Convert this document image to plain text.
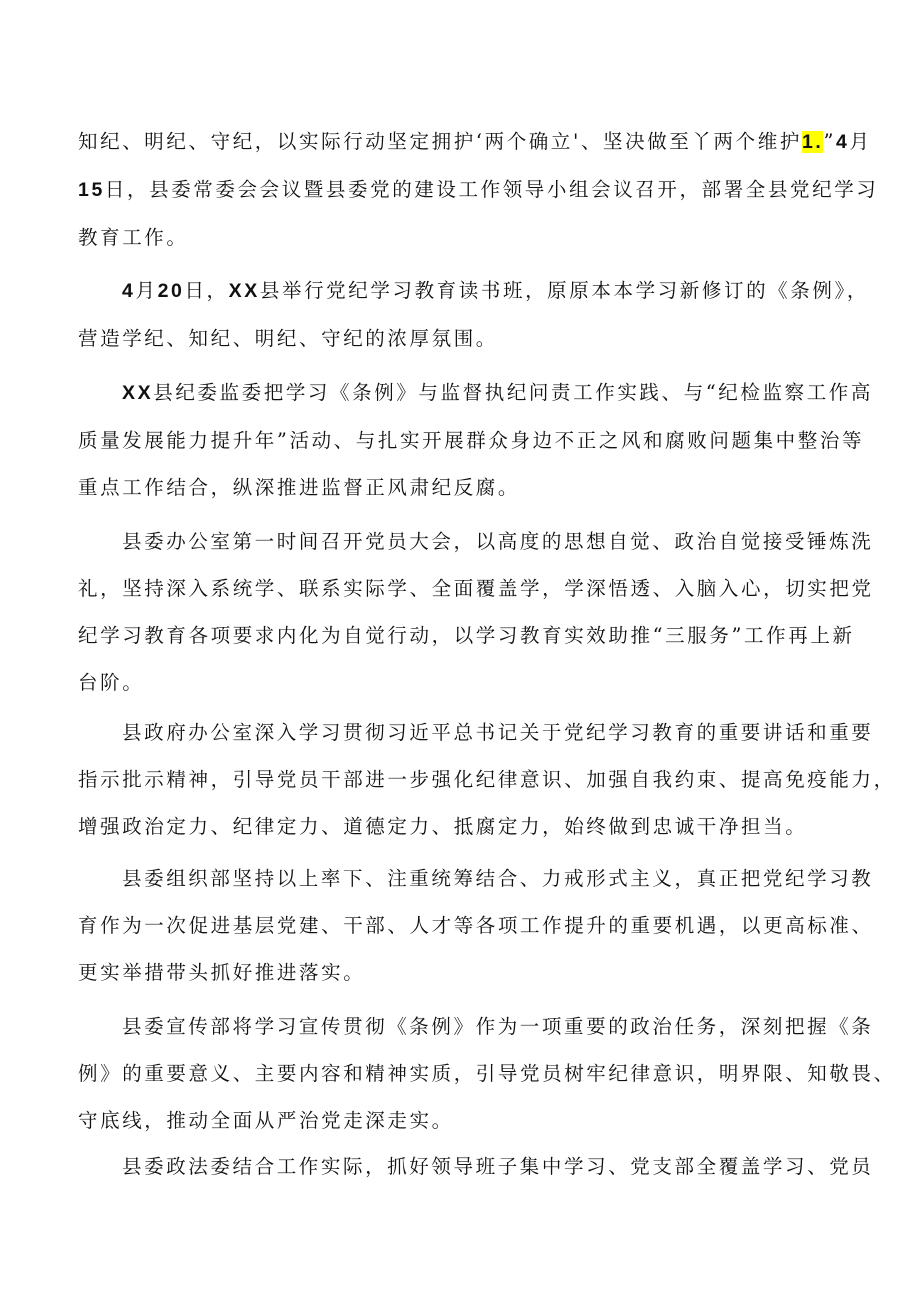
知纪、明纪、守纪，以实际行动坚定拥护‘两个确立'、坚决做至丫两个维护1.”4月
15日，县委常委会会议暨县委党的建设工作领导小组会议召开，部署全县党纪学习
教育工作。

4月20日，XX县举行党纪学习教育读书班，原原本本学习新修订的《条例》，
营造学纪、知纪、明纪、守纪的浓厚氛围。

XX县纪委监委把学习《条例》与监督执纪问责工作实践、与“纪检监察工作高
质量发展能力提升年”活动、与扎实开展群众身边不正之风和腐败问题集中整治等
重点工作结合，纵深推进监督正风肃纪反腐。

县委办公室第一时间召开党员大会，以高度的思想自觉、政治自觉接受锤炼洗
礼，坚持深入系统学、联系实际学、全面覆盖学，学深悟透、入脑入心，切实把党
纪学习教育各项要求内化为自觉行动，以学习教育实效助推“三服务”工作再上新
台阶。

县政府办公室深入学习贯彻习近平总书记关于党纪学习教育的重要讲话和重要
指示批示精神，引导党员干部进一步强化纪律意识、加强自我约束、提高免疫能力，
增强政治定力、纪律定力、道德定力、抵腐定力，始终做到忠诚干净担当。

县委组织部坚持以上率下、注重统筹结合、力戒形式主义，真正把党纪学习教
育作为一次促进基层党建、干部、人才等各项工作提升的重要机遇，以更高标准、
更实举措带头抓好推进落实。

县委宣传部将学习宣传贯彻《条例》作为一项重要的政治任务，深刻把握《条
例》的重要意义、主要内容和精神实质，引导党员树牢纪律意识，明界限、知敬畏、
守底线，推动全面从严治党走深走实。

县委政法委结合工作实际，抓好领导班子集中学习、党支部全覆盖学习、党员
